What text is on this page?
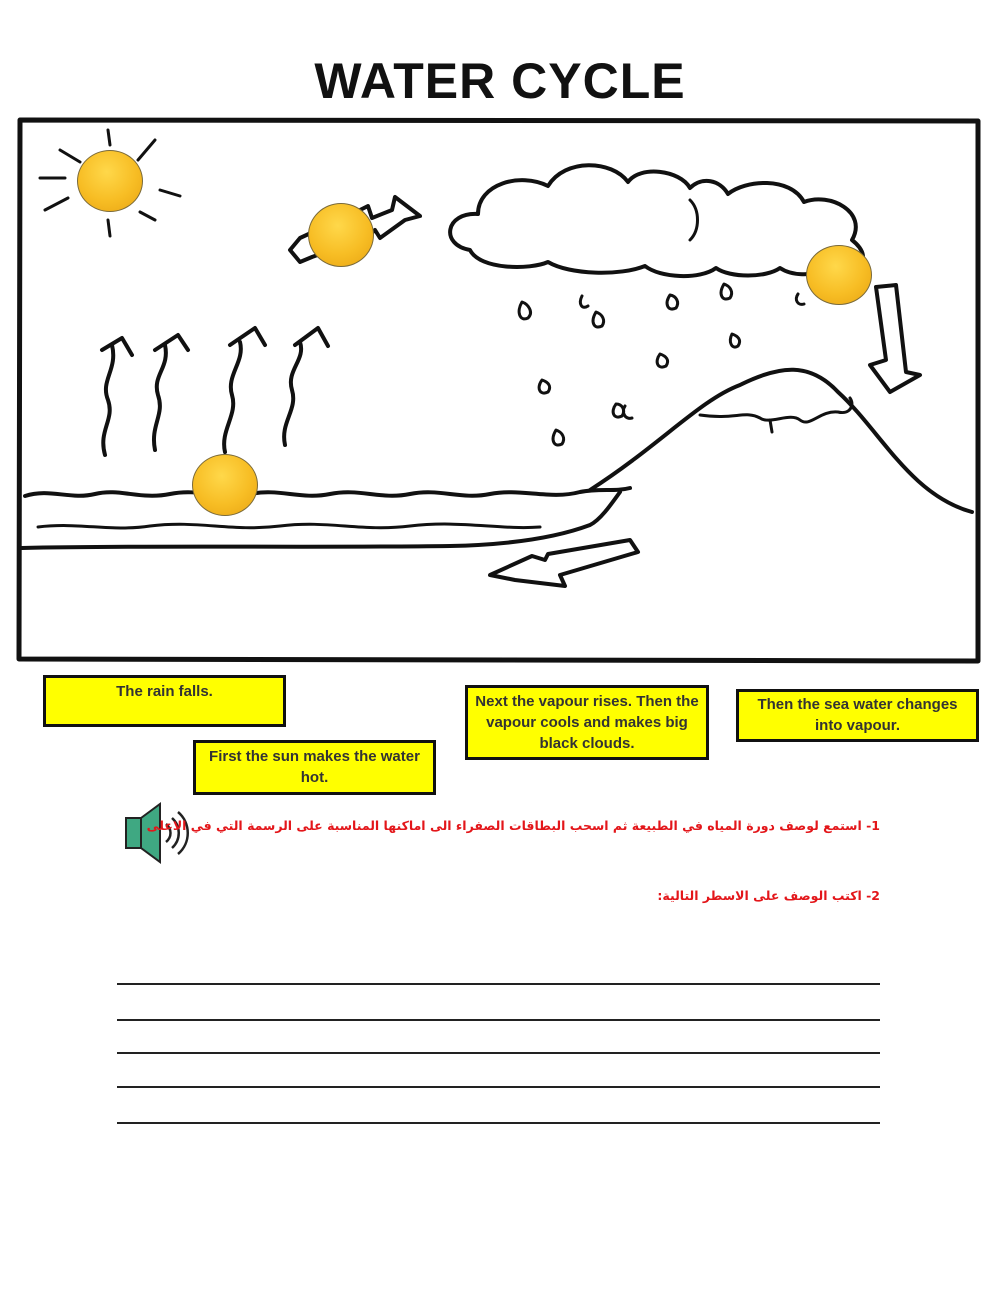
WATER CYCLE
The rain falls.
First the sun makes the water hot.
Next the vapour rises. Then the vapour cools and makes big black clouds.
Then the sea water changes into vapour.
1- استمع لوصف دورة المياه في الطبيعة ثم اسحب البطاقات الصفراء الى اماكنها المناسبة على الرسمة التي في الاعلى
2- اكتب الوصف على الاسطر التالية:
